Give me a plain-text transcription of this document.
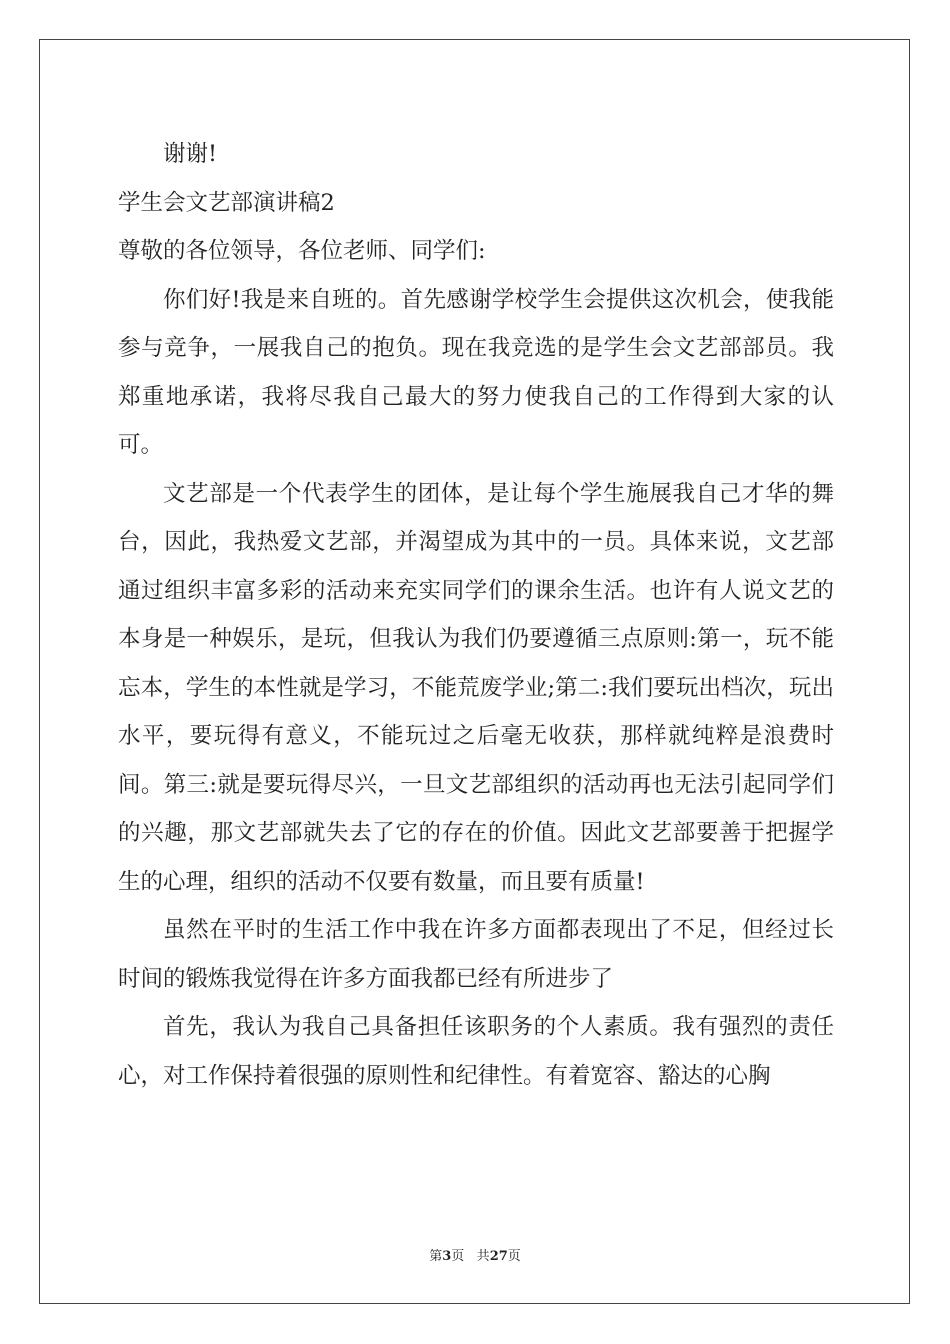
谢谢!

学生会文艺部演讲稿2

尊敬的各位领导，各位老师、同学们:

你们好!我是来自班的。首先感谢学校学生会提供这次机会，使我能参与竞争，一展我自己的抱负。现在我竞选的是学生会文艺部部员。我郑重地承诺，我将尽我自己最大的努力使我自己的工作得到大家的认可。

文艺部是一个代表学生的团体，是让每个学生施展我自己才华的舞台，因此，我热爱文艺部，并渴望成为其中的一员。具体来说，文艺部通过组织丰富多彩的活动来充实同学们的课余生活。也许有人说文艺的本身是一种娱乐，是玩，但我认为我们仍要遵循三点原则:第一，玩不能忘本，学生的本性就是学习，不能荒废学业;第二:我们要玩出档次，玩出水平，要玩得有意义，不能玩过之后毫无收获，那样就纯粹是浪费时间。第三:就是要玩得尽兴，一旦文艺部组织的活动再也无法引起同学们的兴趣，那文艺部就失去了它的存在的价值。因此文艺部要善于把握学生的心理，组织的活动不仅要有数量，而且要有质量!

虽然在平时的生活工作中我在许多方面都表现出了不足，但经过长时间的锻炼我觉得在许多方面我都已经有所进步了

首先，我认为我自己具备担任该职务的个人素质。我有强烈的责任心，对工作保持着很强的原则性和纪律性。有着宽容、豁达的心胸

第3页 共27页
